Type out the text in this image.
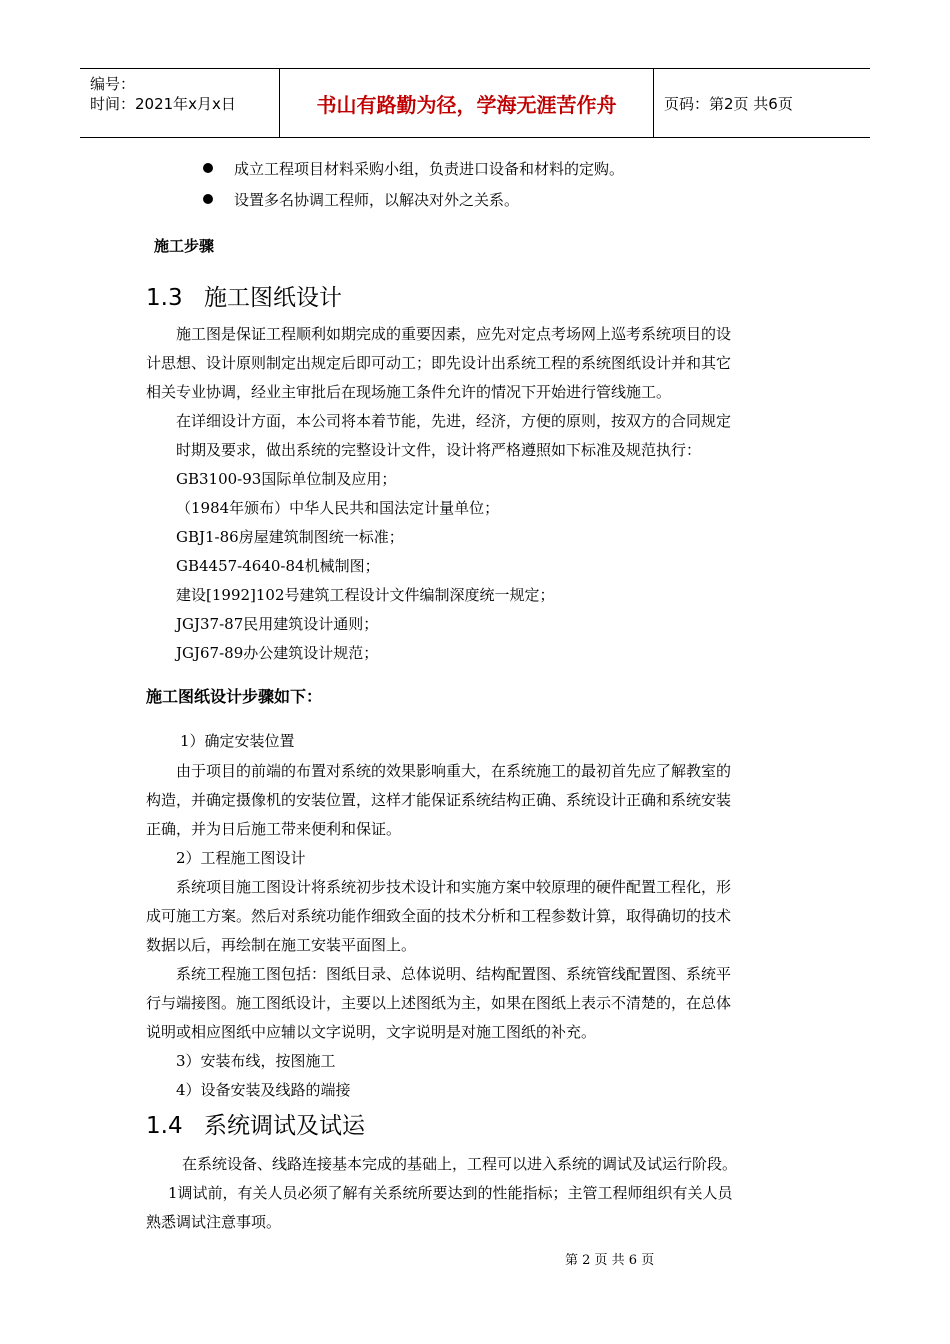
编号：
时间：2021年x月x日	书山有路勤为径，学海无涯苦作舟	页码：第2页 共6页
成立工程项目材料采购小组，负责进口设备和材料的定购。
设置多名协调工程师，以解决对外之关系。
施工步骤
1.3 施工图纸设计
施工图是保证工程顺利如期完成的重要因素，应先对定点考场网上巡考系统项目的设
计思想、设计原则制定出规定后即可动工；即先设计出系统工程的系统图纸设计并和其它
相关专业协调，经业主审批后在现场施工条件允许的情况下开始进行管线施工。
在详细设计方面，本公司将本着节能，先进，经济，方便的原则，按双方的合同规定
时期及要求，做出系统的完整设计文件，设计将严格遵照如下标准及规范执行：
GB3100-93国际单位制及应用；
（1984年颁布）中华人民共和国法定计量单位；
GBJ1-86房屋建筑制图统一标准；
GB4457-4640-84机械制图；
建设[1992]102号建筑工程设计文件编制深度统一规定；
JGJ37-87民用建筑设计通则；
JGJ67-89办公建筑设计规范；
施工图纸设计步骤如下：
1）确定安装位置
由于项目的前端的布置对系统的效果影响重大，在系统施工的最初首先应了解教室的
构造，并确定摄像机的安装位置，这样才能保证系统结构正确、系统设计正确和系统安装
正确，并为日后施工带来便利和保证。
2）工程施工图设计
系统项目施工图设计将系统初步技术设计和实施方案中较原理的硬件配置工程化，形
成可施工方案。然后对系统功能作细致全面的技术分析和工程参数计算，取得确切的技术
数据以后，再绘制在施工安装平面图上。
系统工程施工图包括：图纸目录、总体说明、结构配置图、系统管线配置图、系统平
行与端接图。施工图纸设计，主要以上述图纸为主，如果在图纸上表示不清楚的，在总体
说明或相应图纸中应辅以文字说明，文字说明是对施工图纸的补充。
3）安装布线，按图施工
4）设备安装及线路的端接
1.4 系统调试及试运
在系统设备、线路连接基本完成的基础上，工程可以进入系统的调试及试运行阶段。
1调试前，有关人员必须了解有关系统所要达到的性能指标；主管工程师组织有关人员
熟悉调试注意事项。
第 2 页 共 6 页
